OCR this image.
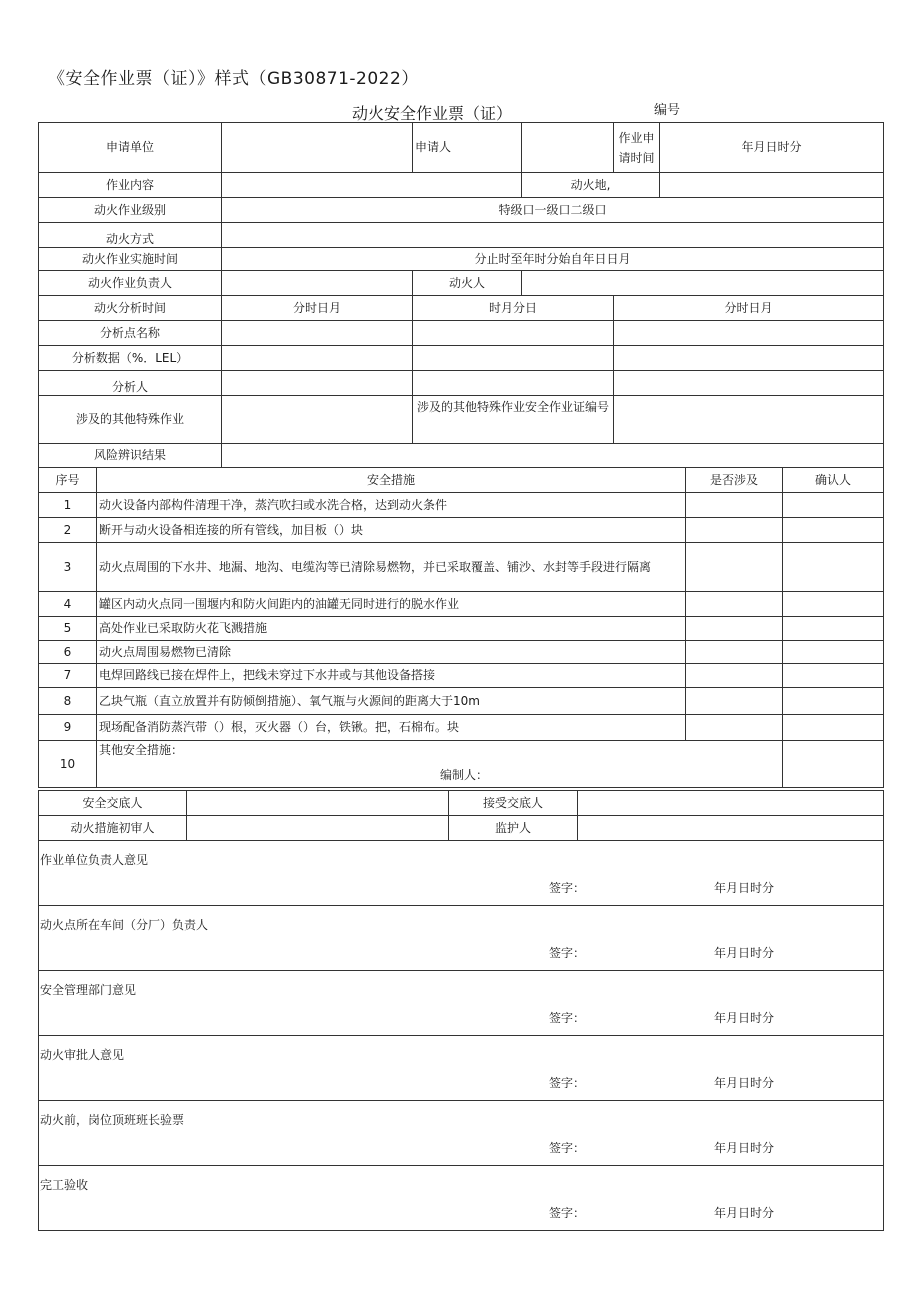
《安全作业票（证）》样式（GB30871-2022）
动火安全作业票（证）	编号
申请单位		申请人		作业申请时间	年月日时分
作业内容			动火地,		
动火作业级别	特级口一级口二级口				
动火方式					
动火作业实施时间	分止时至年时分始自年日日月				
动火作业负责人		动火人			
动火分析时间	分时日月	时月分日		分时日月	
分析点名称					
分析数据（%．LEL）					
分析人					
涉及的其他特殊作业		涉及的其他特殊作业安全作业证编号			
风险辨识结果					
序号	安全措施	是否涉及	确认人
1	动火设备内部构件清理干净，蒸汽吹扫或水洗合格，达到动火条件		
2	断开与动火设备相连接的所有管线，加目板（）块		
3	动火点周围的下水井、地漏、地沟、电缆沟等已清除易燃物，并已采取覆盖、铺沙、水封等手段进行隔离		
4	罐区内动火点同一围堰内和防火间距内的油罐无同时进行的脱水作业		
5	高处作业已采取防火花飞溅措施		
6	动火点周围易燃物已清除		
7	电焊回路线已接在焊件上，把线未穿过下水井或与其他设备搭接		
8	乙块气瓶（直立放置并有防倾倒措施）、氧气瓶与火源间的距离大于10m		
9	现场配备消防蒸汽带（）根，灭火器（）台，铁锹。把，石棉布。块		
10	其他安全措施：
编制人：		

安全交底人		接受交底人	
动火措施初审人		监护人	
作业单位负责人意见
签字：	年月日时分

动火点所在车间（分厂）负责人
签字：	年月日时分

安全管理部门意见
签字：	年月日时分

动火审批人意见
签字：	年月日时分

动火前，岗位顶班班长验票
签字：	年月日时分

完工验收
签字：	年月日时分
